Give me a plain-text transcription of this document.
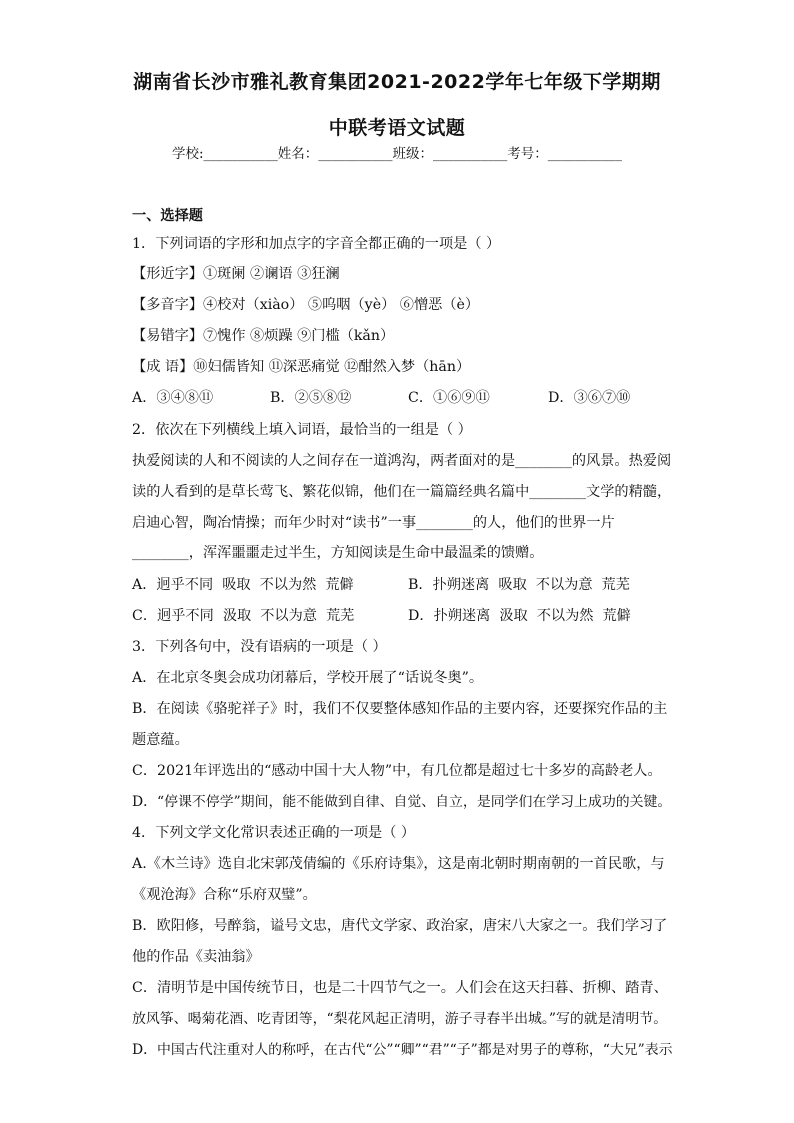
湖南省长沙市雅礼教育集团2021-2022学年七年级下学期期
中联考语文试题
学校:___________姓名：___________班级：___________考号：___________
一、选择题
1．下列词语的字形和加点字的字音全都正确的一项是（ ）
【形近字】①斑阑 ②谰语 ③狂澜
【多音字】④校对（xiào） ⑤呜咽（yè） ⑥憎恶（è）
【易错字】⑦愧作 ⑧烦躁 ⑨门槛（kǎn）
【成 语】⑩妇儒皆知 ⑪深恶痛觉 ⑫酣然入梦（hān）
A．③④⑧⑪	B．②⑤⑧⑫	C．①⑥⑨⑪	D．③⑥⑦⑩
2．依次在下列横线上填入词语，最恰当的一组是（ ）
执爱阅读的人和不阅读的人之间存在一道鸿沟，两者面对的是________的风景。热爱阅
读的人看到的是草长莺飞、繁花似锦，他们在一篇篇经典名篇中________文学的精髓，
启迪心智，陶冶情操；而年少时对“读书”一事________的人，他们的世界一片
________，浑浑噩噩走过半生，方知阅读是生命中最温柔的馈赠。
A．迥乎不同  吸取  不以为然  荒僻	B．扑朔迷离  吸取  不以为意  荒芜
C．迥乎不同  汲取  不以为意  荒芜	D．扑朔迷离  汲取  不以为然  荒僻
3．下列各句中，没有语病的一项是（ ）
A．在北京冬奥会成功闭幕后，学校开展了“话说冬奥”。
B．在阅读《骆驼祥子》时，我们不仅要整体感知作品的主要内容，还要探究作品的主
题意蕴。
C．2021年评选出的“感动中国十大人物”中，有几位都是超过七十多岁的高龄老人。
D．“停课不停学”期间，能不能做到自律、自觉、自立，是同学们在学习上成功的关键。
4．下列文学文化常识表述正确的一项是（ ）
A.《木兰诗》选自北宋郭茂倩编的《乐府诗集》，这是南北朝时期南朝的一首民歌，与
《观沧海》合称“乐府双璧”。
B．欧阳修，号醉翁，谥号文忠，唐代文学家、政治家，唐宋八大家之一。我们学习了
他的作品《卖油翁》
C．清明节是中国传统节日，也是二十四节气之一。人们会在这天扫暮、折柳、踏青、
放风筝、喝菊花酒、吃青团等，“梨花风起正清明，游子寻春半出城。”写的就是清明节。
D．中国古代注重对人的称呼，在古代“公”“卿”“君”“子”都是对男子的尊称，“大兄”表示
